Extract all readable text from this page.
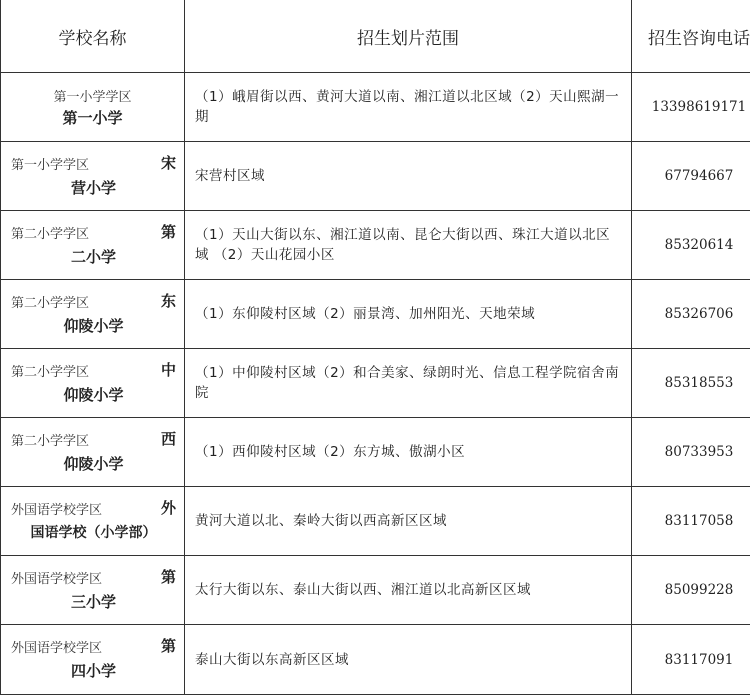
学校名称	招生划片范围	招生咨询电话

第一小学学区
第一小学	（1）峨眉街以西、黄河大道以南、湘江道以北区域（2）天山熙湖一期	13398619171

第一小学学区 宋
营小学	宋营村区域	67794667

第二小学学区 第
二小学	（1）天山大街以东、湘江道以南、昆仑大街以西、珠江大道以北区域 （2）天山花园小区	85320614

第二小学学区 东
仰陵小学	（1）东仰陵村区域（2）丽景湾、加州阳光、天地荣域	85326706

第二小学学区 中
仰陵小学	（1）中仰陵村区域（2）和合美家、绿朗时光、信息工程学院宿舍南院	85318553

第二小学学区 西
仰陵小学	（1）西仰陵村区域（2）东方城、傲湖小区	80733953

外国语学校学区 外
国语学校（小学部）	黄河大道以北、秦岭大街以西高新区区域	83117058

外国语学校学区 第
三小学	太行大街以东、泰山大街以西、湘江道以北高新区区域	85099228

外国语学校学区 第
四小学	泰山大街以东高新区区域	83117091
